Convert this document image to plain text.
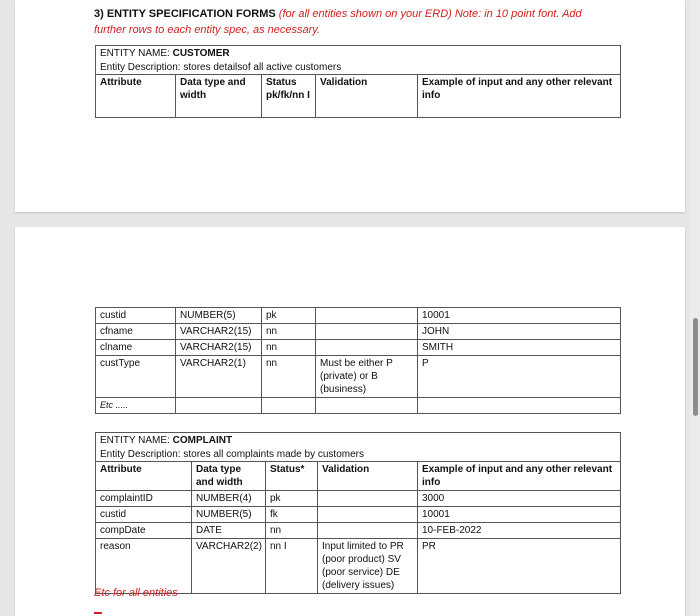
3) ENTITY SPECIFICATION FORMS (for all entities shown on your ERD) Note: in 10 point font. Add further rows to each entity spec, as necessary.
ENTITY NAME: CUSTOMER
Entity Description: stores detailsof all active customers
Attribute	Data type and width	Status pk/fk/nn I	Validation	Example of input and any other relevant info
custid	NUMBER(5)	pk		10001
cfname	VARCHAR2(15)	nn		JOHN
clname	VARCHAR2(15)	nn		SMITH
custType	VARCHAR2(1)	nn	Must be either P (private) or B (business)	P
Etc .....				
ENTITY NAME: COMPLAINT				
Entity Description: stores all complaints made by customers				
Attribute	Data type and width	Status*	Validation	Example of input and any other relevant info
complaintID	NUMBER(4)	pk		3000
custid	NUMBER(5)	fk		10001
compDate	DATE	nn		10-FEB-2022
reason	VARCHAR2(2)	nn I	Input limited to PR (poor product) SV (poor service) DE (delivery issues)	PR
Etc for all entities
